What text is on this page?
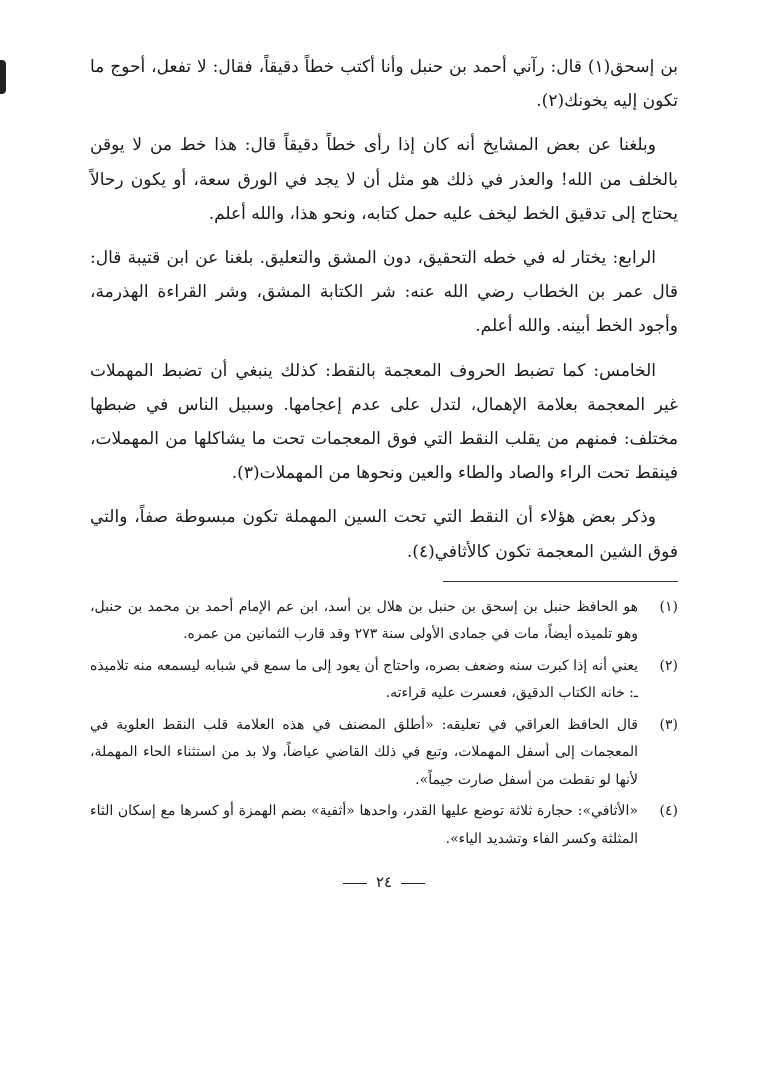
بن إسحق(١) قال: رآني أحمد بن حنبل وأنا أكتب خطاً دقيقاً، فقال: لا تفعل، أحوج ما تكون إليه يخونك(٢).

وبلغنا عن بعض المشايخ أنه كان إذا رأى خطاً دقيقاً قال: هذا خط من لا يوقن بالخلف من الله! والعذر في ذلك هو مثل أن لا يجد في الورق سعة، أو يكون رحالاً يحتاج إلى تدقيق الخط ليخف عليه حمل كتابه، ونحو هذا، والله أعلم.

الرابع: يختار له في خطه التحقيق، دون المشق والتعليق. بلغنا عن ابن قتيبة قال: قال عمر بن الخطاب رضي الله عنه: شر الكتابة المشق، وشر القراءة الهذرمة، وأجود الخط أبينه. والله أعلم.

الخامس: كما تضبط الحروف المعجمة بالنقط: كذلك ينبغي أن تضبط المهملات غير المعجمة بعلامة الإهمال، لتدل على عدم إعجامها. وسبيل الناس في ضبطها مختلف: فمنهم من يقلب النقط التي فوق المعجمات تحت ما يشاكلها من المهملات، فينقط تحت الراء والصاد والطاء والعين ونحوها من المهملات(٣).

وذكر بعض هؤلاء أن النقط التي تحت السين المهملة تكون مبسوطة صفاً، والتي فوق الشين المعجمة تكون كالأثافي(٤).

(١)
هو الحافظ حنبل بن إسحق بن حنبل بن هلال بن أسد، ابن عم الإمام أحمد بن محمد بن حنبل، وهو تلميذه أيضاً، مات في جمادى الأولى سنة ٢٧٣ وقد قارب الثمانين من عمره.
(٢)
يعني أنه إذا كبرت سنه وضعف بصره، واحتاج أن يعود إلى ما سمع في شبابه ليسمعه منه تلاميذه ـ: خانه الكتاب الدقيق، فعسرت عليه قراءته.
(٣)
قال الحافظ العراقي في تعليقه: «أطلق المصنف في هذه العلامة قلب النقط العلوية في المعجمات إلى أسفل المهملات، وتبع في ذلك القاضي عياضاً، ولا بد من استثناء الحاء المهملة، لأنها لو نقطت من أسفل صارت جيماً».
(٤)
«الأثافي»: حجارة ثلاثة توضع عليها القدر، واحدها «أثفية» بضم الهمزة أو كسرها مع إسكان الثاء المثلثة وكسر الفاء وتشديد الياء».
٢٤
